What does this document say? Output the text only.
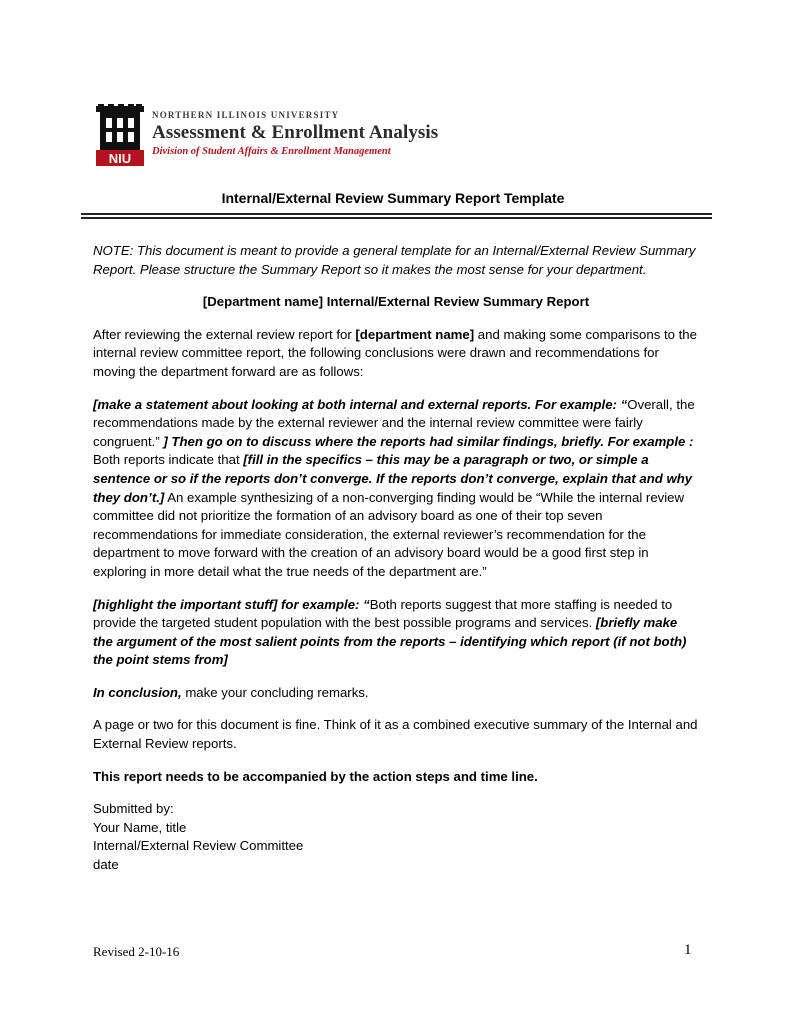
NIU
NORTHERN ILLINOIS UNIVERSITY
Assessment & Enrollment Analysis
Division of Student Affairs & Enrollment Management
Internal/External Review Summary Report Template

NOTE: This document is meant to provide a general template for an Internal/External Review Summary Report. Please structure the Summary Report so it makes the most sense for your department.

[Department name] Internal/External Review Summary Report

After reviewing the external review report for [department name] and making some comparisons to the internal review committee report, the following conclusions were drawn and recommendations for moving the department forward are as follows:

[make a statement about looking at both internal and external reports. For example: “Overall, the recommendations made by the external reviewer and the internal review committee were fairly congruent.” ] Then go on to discuss where the reports had similar findings, briefly. For example : Both reports indicate that [fill in the specifics – this may be a paragraph or two, or simple a sentence or so if the reports don’t converge. If the reports don’t converge, explain that and why they don’t.] An example synthesizing of a non-converging finding would be “While the internal review committee did not prioritize the formation of an advisory board as one of their top seven recommendations for immediate consideration, the external reviewer’s recommendation for the department to move forward with the creation of an advisory board would be a good first step in exploring in more detail what the true needs of the department are.”

[highlight the important stuff] for example: “Both reports suggest that more staffing is needed to provide the targeted student population with the best possible programs and services. [briefly make the argument of the most salient points from the reports – identifying which report (if not both) the point stems from]

In conclusion, make your concluding remarks.

A page or two for this document is fine. Think of it as a combined executive summary of the Internal and External Review reports.

This report needs to be accompanied by the action steps and time line.

Submitted by:
Your Name, title
Internal/External Review Committee
date
Revised 2-10-16	1
